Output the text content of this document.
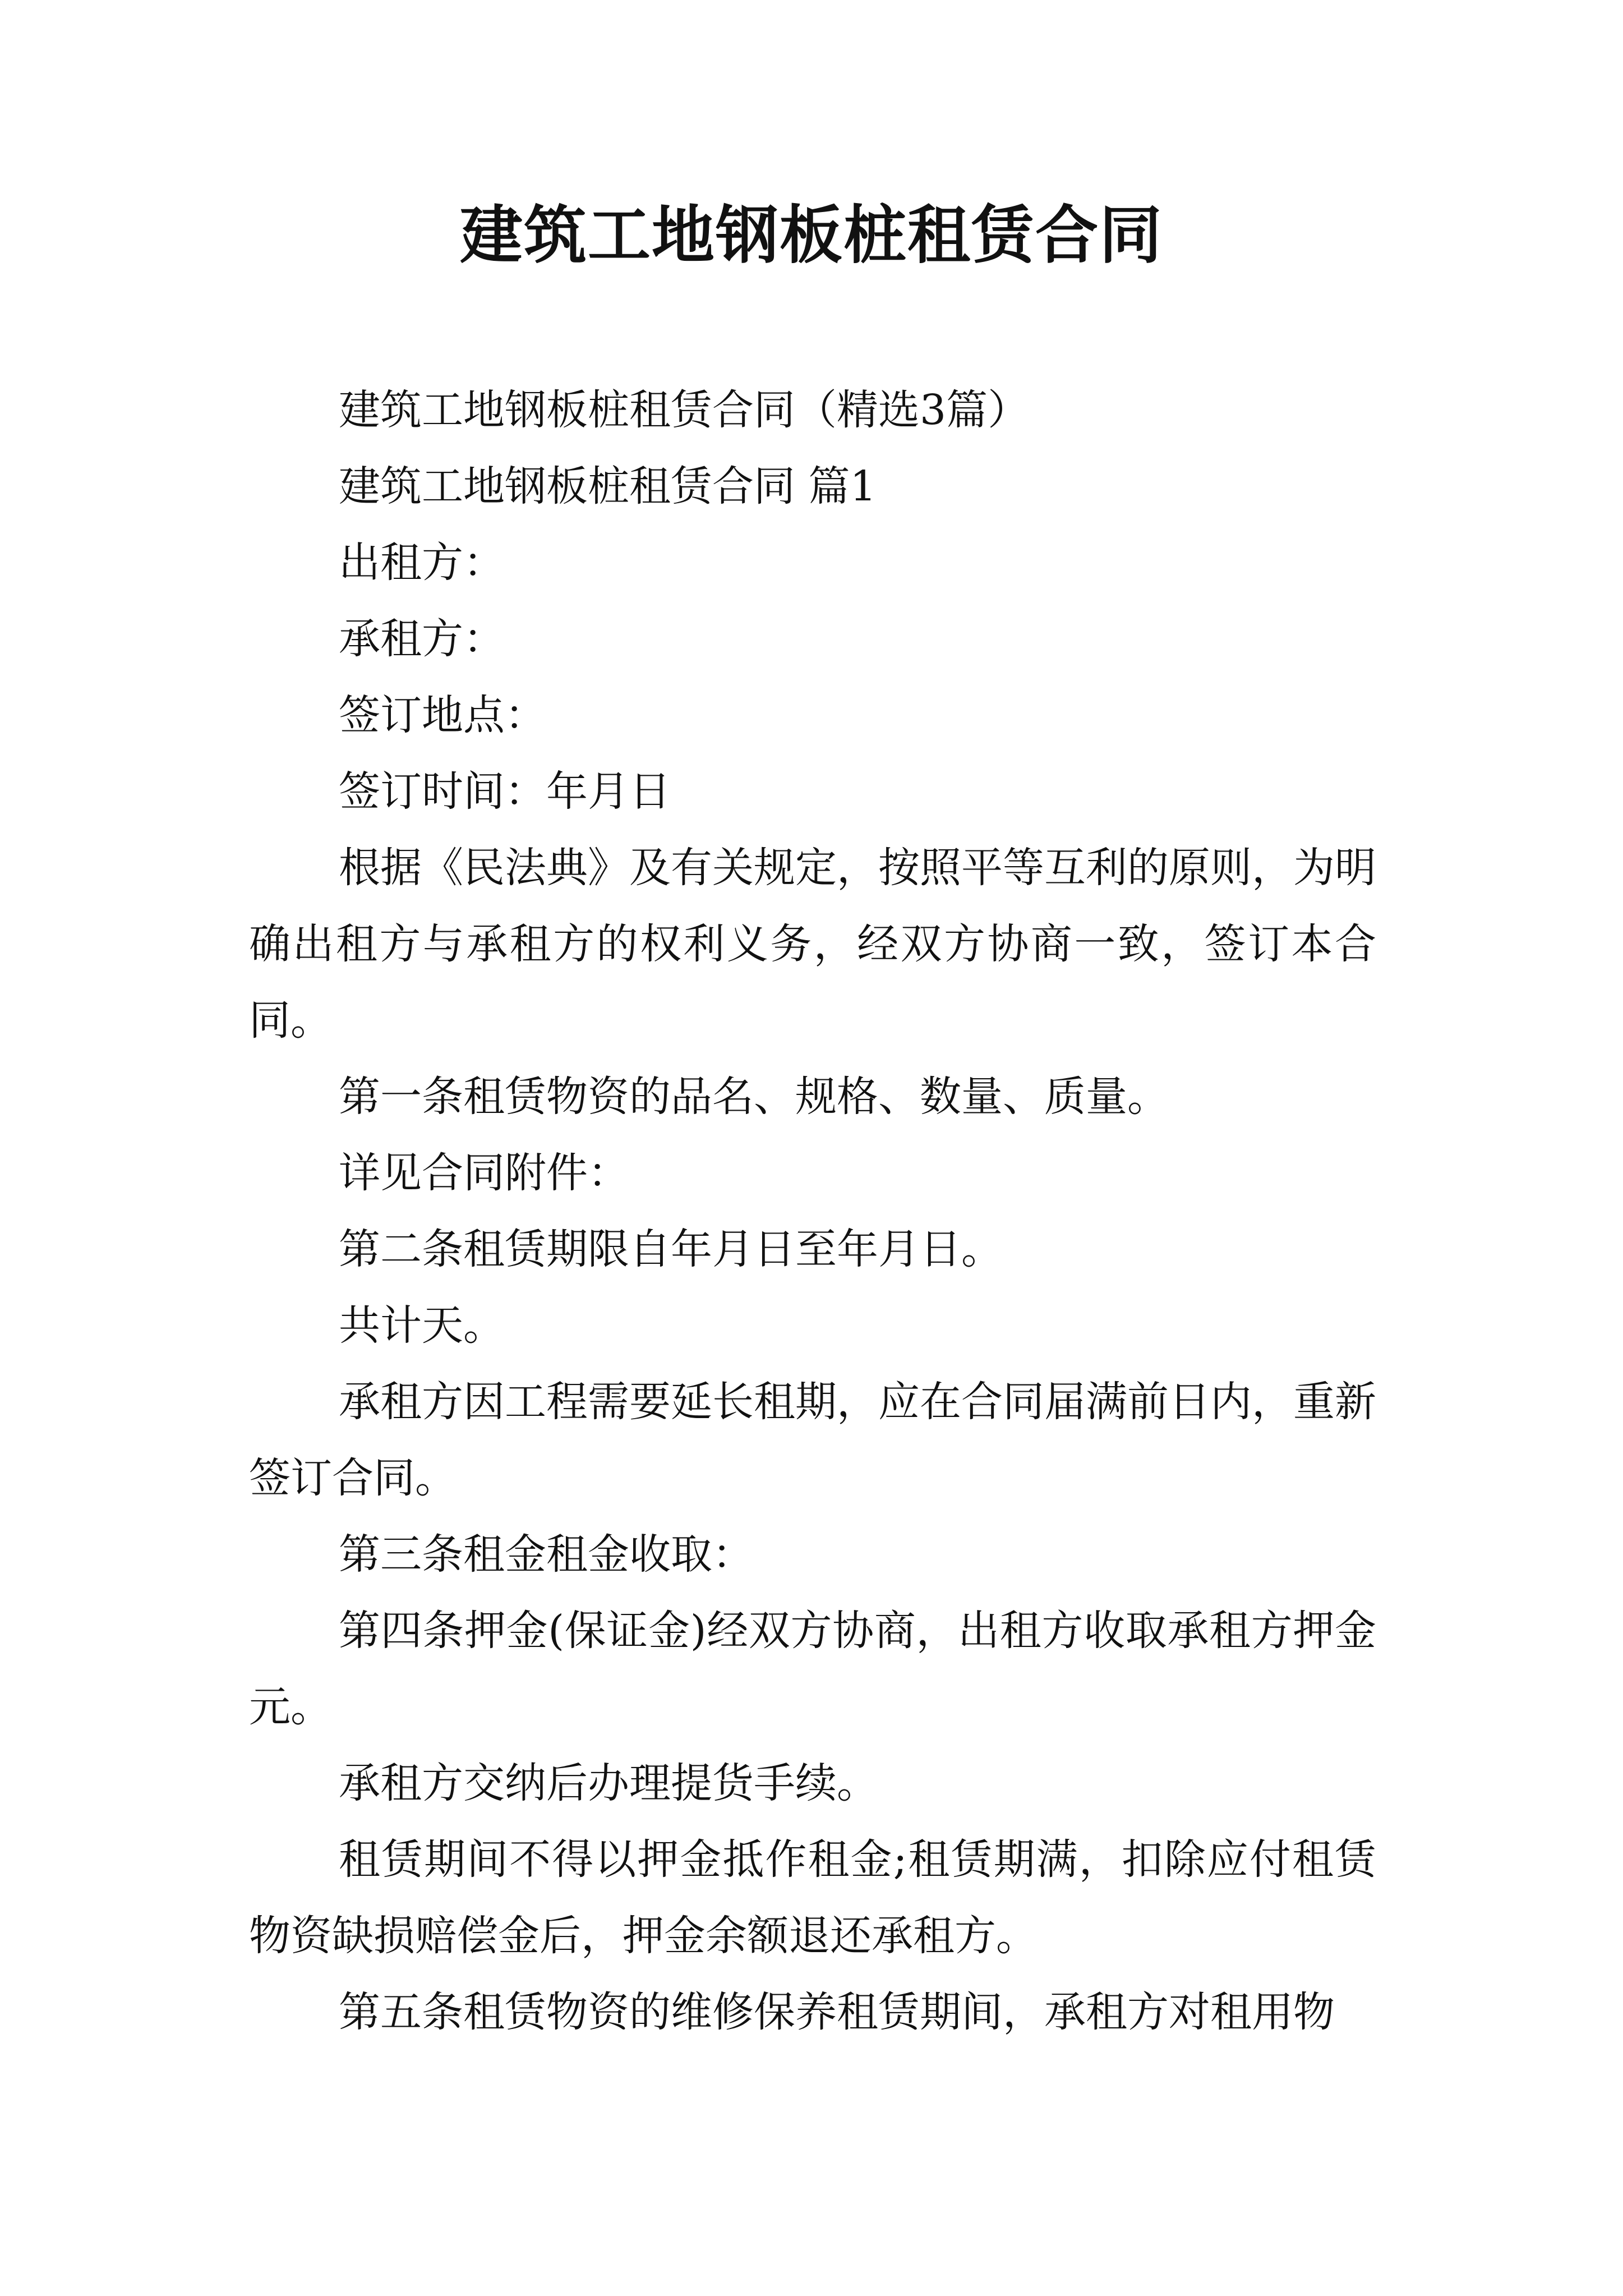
建筑工地钢板桩租赁合同

建筑工地钢板桩租赁合同（精选3篇）

建筑工地钢板桩租赁合同 篇1

出租方：

承租方：

签订地点：

签订时间：年月日

根据《民法典》及有关规定，按照平等互利的原则，为明确出租方与承租方的权利义务，经双方协商一致，签订本合同。

第一条租赁物资的品名、规格、数量、质量。

详见合同附件：

第二条租赁期限自年月日至年月日。

共计天。

承租方因工程需要延长租期，应在合同届满前日内，重新签订合同。

第三条租金租金收取：

第四条押金(保证金)经双方协商，出租方收取承租方押金元。

承租方交纳后办理提货手续。

租赁期间不得以押金抵作租金;租赁期满，扣除应付租赁物资缺损赔偿金后，押金余额退还承租方。

第五条租赁物资的维修保养租赁期间，承租方对租用物
